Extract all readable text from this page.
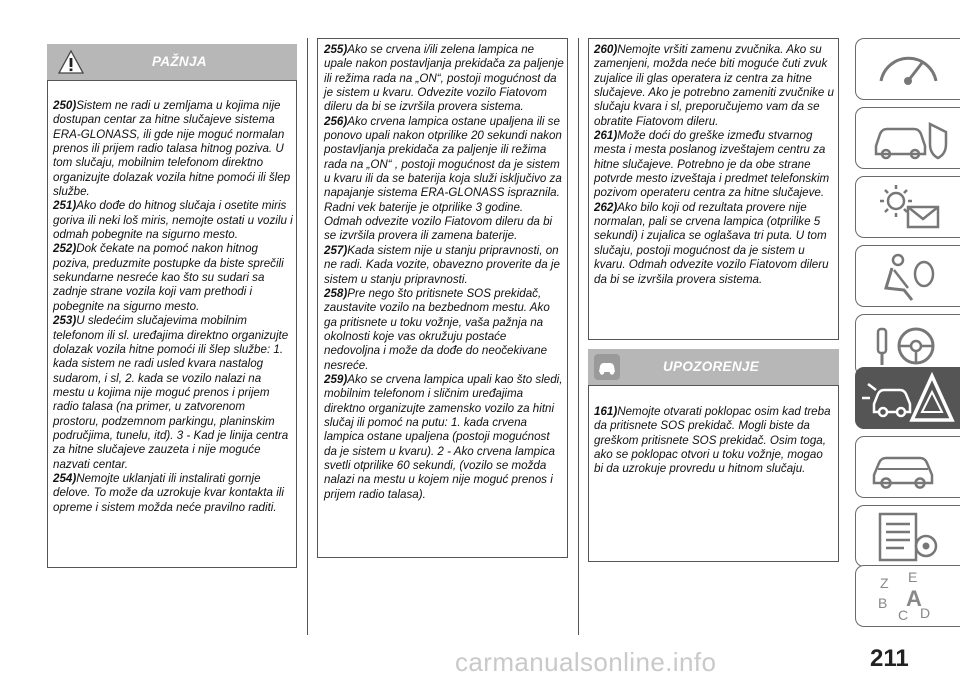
PAŽNJA

250)Sistem ne radi u zemljama u kojima nije dostupan centar za hitne slučajeve sistema ERA-GLONASS, ili gde nije moguć normalan prenos ili prijem radio talasa hitnog poziva. U tom slučaju, mobilnim telefonom direktno organizujte dolazak vozila hitne pomoći ili šlep službe.

251)Ako dođe do hitnog slučaja i osetite miris goriva ili neki loš miris, nemojte ostati u vozilu i odmah pobegnite na sigurno mesto.

252)Dok čekate na pomoć nakon hitnog poziva, preduzmite postupke da biste sprečili sekundarne nesreće kao što su sudari sa zadnje strane vozila koji vam prethodi i pobegnite na sigurno mesto.

253)U sledećim slučajevima mobilnim telefonom ili sl. uređajima direktno organizujte dolazak vozila hitne pomoći ili šlep službe: 1. kada sistem ne radi usled kvara nastalog sudarom, i sl, 2. kada se vozilo nalazi na mestu u kojima nije moguć prenos i prijem radio talasa (na primer, u zatvorenom prostoru, podzemnom parkingu, planinskim područjima, tunelu, itd). 3 - Kad je linija centra za hitne slučajeve zauzeta i nije moguće nazvati centar.

254)Nemojte uklanjati ili instalirati gornje delove. To može da uzrokuje kvar kontakta ili opreme i sistem možda neće pravilno raditi.

255)Ako se crvena i/ili zelena lampica ne upale nakon postavljanja prekidača za paljenje ili režima rada na „ON“, postoji mogućnost da je sistem u kvaru. Odvezite vozilo Fiatovom dileru da bi se izvršila provera sistema.

256)Ako crvena lampica ostane upaljena ili se ponovo upali nakon otprilike 20 sekundi nakon postavljanja prekidača za paljenje ili režima rada na „ON“ , postoji mogućnost da je sistem u kvaru ili da se baterija koja služi isključivo za napajanje sistema ERA-GLONASS ispraznila. Radni vek baterije je otprilike 3 godine. Odmah odvezite vozilo Fiatovom dileru da bi se izvršila provera ili zamena baterije.

257)Kada sistem nije u stanju pripravnosti, on ne radi. Kada vozite, obavezno proverite da je sistem u stanju pripravnosti.

258)Pre nego što pritisnete SOS prekidač, zaustavite vozilo na bezbednom mestu. Ako ga pritisnete u toku vožnje, vaša pažnja na okolnosti koje vas okružuju postaće nedovoljna i može da dođe do neočekivane nesreće.

259)Ako se crvena lampica upali kao što sledi, mobilnim telefonom i sličnim uređajima direktno organizujte zamensko vozilo za hitni slučaj ili pomoć na putu: 1. kada crvena lampica ostane upaljena (postoji mogućnost da je sistem u kvaru). 2 - Ako crvena lampica svetli otprilike 60 sekundi, (vozilo se možda nalazi na mestu u kojem nije moguć prenos i prijem radio talasa).

260)Nemojte vršiti zamenu zvučnika. Ako su zamenjeni, možda neće biti moguće čuti zvuk zujalice ili glas operatera iz centra za hitne slučajeve. Ako je potrebno zameniti zvučnike u slučaju kvara i sl, preporučujemo vam da se obratite Fiatovom dileru.

261)Može doći do greške između stvarnog mesta i mesta poslanog izveštajem centru za hitne slučajeve. Potrebno je da obe strane potvrde mesto izveštaja i predmet telefonskim pozivom operateru centra za hitne slučajeve.

262)Ako bilo koji od rezultata provere nije normalan, pali se crvena lampica (otprilike 5 sekundi) i zujalica se oglašava tri puta. U tom slučaju, postoji mogućnost da je sistem u kvaru. Odmah odvezite vozilo Fiatovom dileru da bi se izvršila provera sistema.

UPOZORENJE

161)Nemojte otvarati poklopac osim kad treba da pritisnete SOS prekidač. Mogli biste da greškom pritisnete SOS prekidač. Osim toga, ako se poklopac otvori u toku vožnje, mogao bi da uzrokuje provredu u hitnom slučaju.

Z E
B
C D
A
211
carmanualsonline.info
